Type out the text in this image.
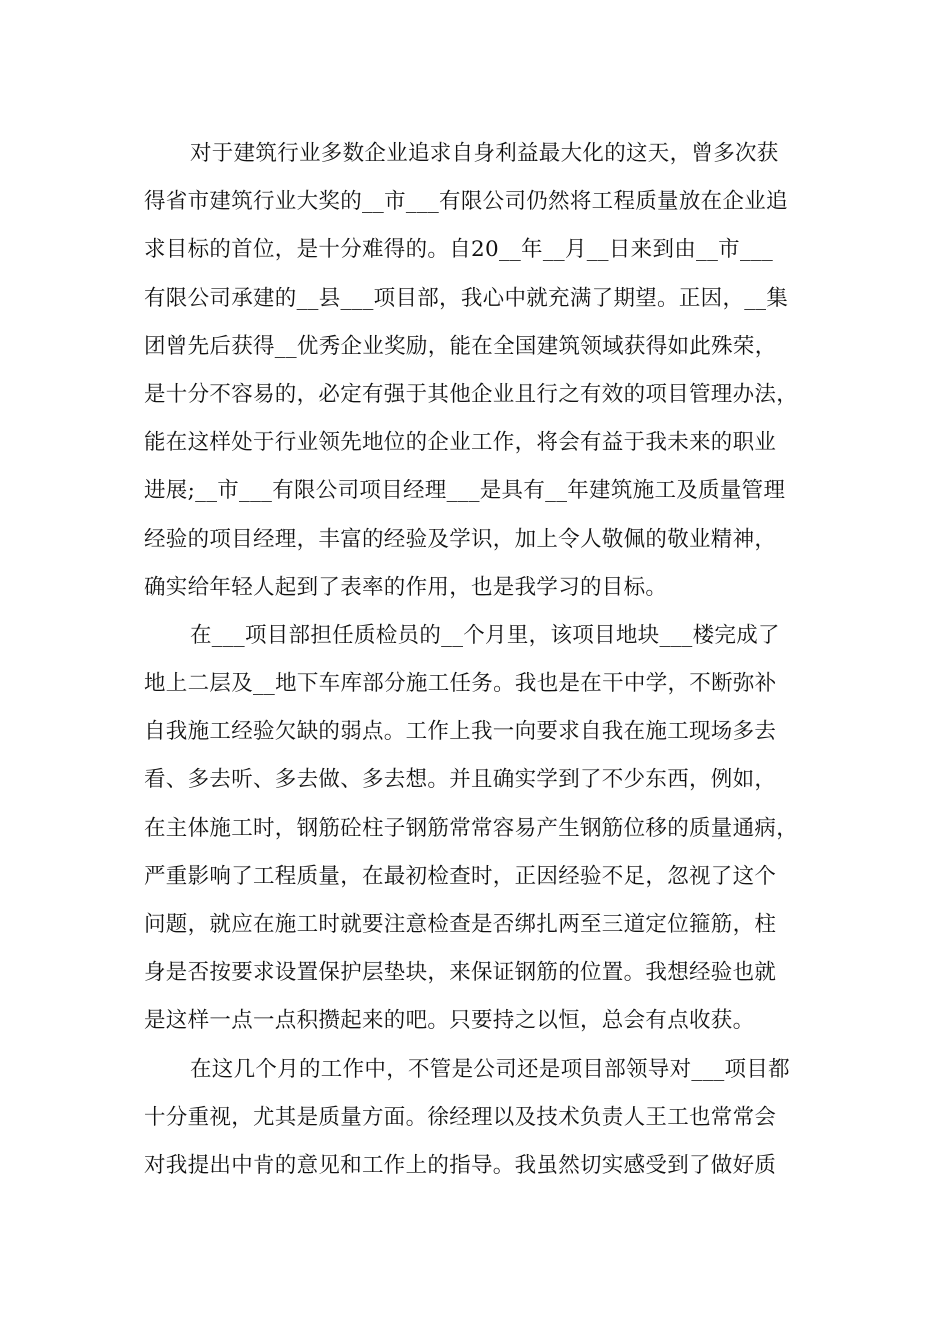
对于建筑行业多数企业追求自身利益最大化的这天，曾多次获
得省市建筑行业大奖的__市___有限公司仍然将工程质量放在企业追
求目标的首位，是十分难得的。自20__年__月__日来到由__市___
有限公司承建的__县___项目部，我心中就充满了期望。正因，__集
团曾先后获得__优秀企业奖励，能在全国建筑领域获得如此殊荣，
是十分不容易的，必定有强于其他企业且行之有效的项目管理办法，
能在这样处于行业领先地位的企业工作，将会有益于我未来的职业
进展;__市___有限公司项目经理___是具有__年建筑施工及质量管理
经验的项目经理，丰富的经验及学识，加上令人敬佩的敬业精神，
确实给年轻人起到了表率的作用，也是我学习的目标。
在___项目部担任质检员的__个月里，该项目地块___楼完成了
地上二层及__地下车库部分施工任务。我也是在干中学，不断弥补
自我施工经验欠缺的弱点。工作上我一向要求自我在施工现场多去
看、多去听、多去做、多去想。并且确实学到了不少东西，例如，
在主体施工时，钢筋砼柱子钢筋常常容易产生钢筋位移的质量通病，
严重影响了工程质量，在最初检查时，正因经验不足，忽视了这个
问题，就应在施工时就要注意检查是否绑扎两至三道定位箍筋，柱
身是否按要求设置保护层垫块，来保证钢筋的位置。我想经验也就
是这样一点一点积攒起来的吧。只要持之以恒，总会有点收获。
在这几个月的工作中，不管是公司还是项目部领导对___项目都
十分重视，尤其是质量方面。徐经理以及技术负责人王工也常常会
对我提出中肯的意见和工作上的指导。我虽然切实感受到了做好质
